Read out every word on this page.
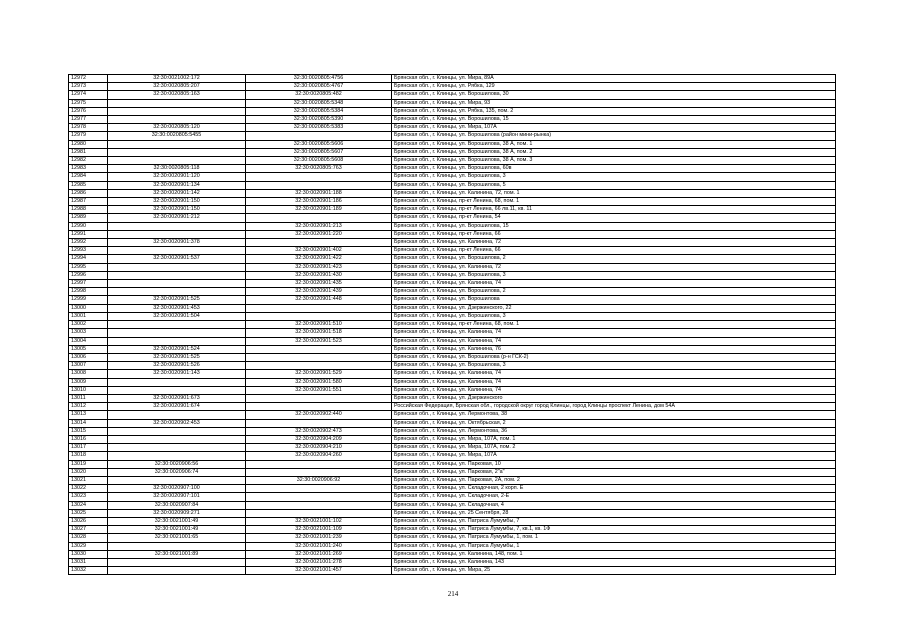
12972	32:30:0021002:172	32:30:0020805:4756	Брянская обл., г. Клинцы, ул. Мира, 89А
12973	32:30:0020805:207	32:30:0020805:4767	Брянская обл., г. Клинцы, ул. Рябка, 129
12974	32:30:0020805:163	32:30:0020805:482	Брянская обл., г. Клинцы, ул. Ворошилова, 30
12975		32:30:0020805:5348	Брянская обл., г. Клинцы, ул. Мира, 93
12976		32:30:0020805:5384	Брянская обл., г. Клинцы, ул. Рябка, 135, пом. 2
12977		32:30:0020805:5390	Брянская обл., г. Клинцы, ул. Ворошилова, 15
12978	32:30:0020805:120	32:30:0020805:5383	Брянская обл., г. Клинцы, ул. Мира, 107А
12979	32:30:0020805:5455		Брянская обл., г. Клинцы, ул. Ворошилова (район мини-рынка)
12980		32:30:0020805:5606	Брянская обл., г. Клинцы, ул. Ворошилова, 38 А, пом. 1
12981		32:30:0020805:5607	Брянская обл., г. Клинцы, ул. Ворошилова, 38 А, пом. 2
12982		32:30:0020805:5608	Брянская обл., г. Клинцы, ул. Ворошилова, 38 А, пом. 3
12983	32:30:0020805:118	32:30:0020805:763	Брянская обл., г. Клинцы, ул. Ворошилова, 60в
12984	32:30:0020901:120		Брянская обл., г. Клинцы, ул. Ворошилова, 3
12985	32:30:0020901:134		Брянская обл., г. Клинцы, ул. Ворошилова, 5
12986	32:30:0020901:142	32:30:0020901:188	Брянская обл., г. Клинцы, ул. Калинина, 72, пом. 1
12987	32:30:0020901:150	32:30:0020901:186	Брянская обл., г. Клинцы, пр-кт Ленина, 68, пом. 1
12988	32:30:0020901:150	32:30:0020901:189	Брянская обл., г. Клинцы, пр-кт Ленина, 66 лв.11, кв. 11
12989	32:30:0020901:212		Брянская обл., г. Клинцы, пр-кт Ленина, 54
12990		32:30:0020901:213	Брянская обл., г. Клинцы, ул. Ворошилова, 15
12991		32:30:0020901:220	Брянская обл., г. Клинцы, пр-кт Ленина, 66
12992	32:30:0020901:378		Брянская обл., г. Клинцы, ул. Калинина, 72
12993		32:30:0020901:402	Брянская обл., г. Клинцы, пр-кт Ленина, 66
12994	32:30:0020901:537	32:30:0020901:422	Брянская обл., г. Клинцы, ул. Ворошилова, 2
12995		32:30:0020901:423	Брянская обл., г. Клинцы, ул. Калинина, 72
12996		32:30:0020901:430	Брянская обл., г. Клинцы, ул. Ворошилова, 3
12997		32:30:0020901:435	Брянская обл., г. Клинцы, ул. Калинина, 74
12998		32:30:0020901:439	Брянская обл., г. Клинцы, ул. Ворошилова, 2
12999	32:30:0020901:525	32:30:0020901:448	Брянская обл., г. Клинцы, ул. Ворошилова
13000	32:30:0020901:453		Брянская обл., г. Клинцы, ул. Дзержинского, 22
13001	32:30:0020901:504		Брянская обл., г. Клинцы, ул. Ворошилова, 3
13002		32:30:0020901:510	Брянская обл., г. Клинцы, пр-кт Ленина, 68, пом. 1
13003		32:30:0020901:518	Брянская обл., г. Клинцы, ул. Калинина, 74
13004		32:30:0020901:523	Брянская обл., г. Клинцы, ул. Калинина, 74
13005	32:30:0020901:524		Брянская обл., г. Клинцы, ул. Калинина, 76
13006	32:30:0020901:525		Брянская обл., г. Клинцы, ул. Ворошилова (р-н ГСК-2)
13007	32:30:0020901:526		Брянская обл., г. Клинцы, ул. Ворошилова, 3
13008	32:30:0020901:143	32:30:0020901:529	Брянская обл., г. Клинцы, ул. Калинина, 74
13009		32:30:0020901:580	Брянская обл., г. Клинцы, ул. Калинина, 74
13010		32:30:0020901:551	Брянская обл., г. Клинцы, ул. Калинина, 74
13011	32:30:0020901:673		Брянская обл., г. Клинцы, ул. Дзержинского
13012	32:30:0020901:674		Российская Федерация, Брянская обл., городской округ город Клинцы, город Клинцы проспект Ленина, дом 54А
13013		32:30:0020902:440	Брянская обл., г. Клинцы, ул. Лермонтова, 38
13014	32:30:0020902:453		Брянская обл., г. Клинцы, ул. Октябрьская, 2
13015		32:30:0020902:473	Брянская обл., г. Клинцы, ул. Лермонтова, 36
13016		32:30:0020904:209	Брянская обл., г. Клинцы, ул. Мира, 107А, пом. 1
13017		32:30:0020904:210	Брянская обл., г. Клинцы, ул. Мира, 107А, пом. 2
13018		32:30:0020904:260	Брянская обл., г. Клинцы, ул. Мира, 107А
13019	32:30:0020906:56		Брянская обл., г. Клинцы, ул. Парковая, 10
13020	32:30:0020906:74		Брянская обл., г. Клинцы, ул. Парковая, 2"а"
13021		32:30:0020906:92	Брянская обл., г. Клинцы, ул. Парковая, 2А, пом. 2
13022	32:30:0020907:100		Брянская обл., г. Клинцы, ул. Складочная, 2 корп. Е
13023	32:30:0020907:101		Брянская обл., г. Клинцы, ул. Складочная, 2-Е
13024	32:30:0020907:84		Брянская обл., г. Клинцы, ул. Складочная, 4
13025	32:30:0020909:271		Брянская обл., г. Клинцы, ул. 25 Сентября, 28
13026	32:30:0021001:49	32:30:0021001:102	Брянская обл., г. Клинцы, ул. Патриса Лумумбы, 7
13027	32:30:0021001:49	32:30:0021001:109	Брянская обл., г. Клинцы, ул. Патриса Лумумбы, 7, кв.1, кв. 1Ф
13028	32:30:0021001:65	32:30:0021001:239	Брянская обл., г. Клинцы, ул. Патриса Лумумбы, 1, пом. 1
13029		32:30:0021001:240	Брянская обл., г. Клинцы, ул. Патриса Лумумбы, 1
13030	32:30:0021001:89	32:30:0021001:269	Брянская обл., г. Клинцы, ул. Калинина, 148, пом. 1
13031		32:30:0021001:278	Брянская обл., г. Клинцы, ул. Калинина, 143
13032		32:30:0021001:457	Брянская обл., г. Клинцы, ул. Мира, 25
214
